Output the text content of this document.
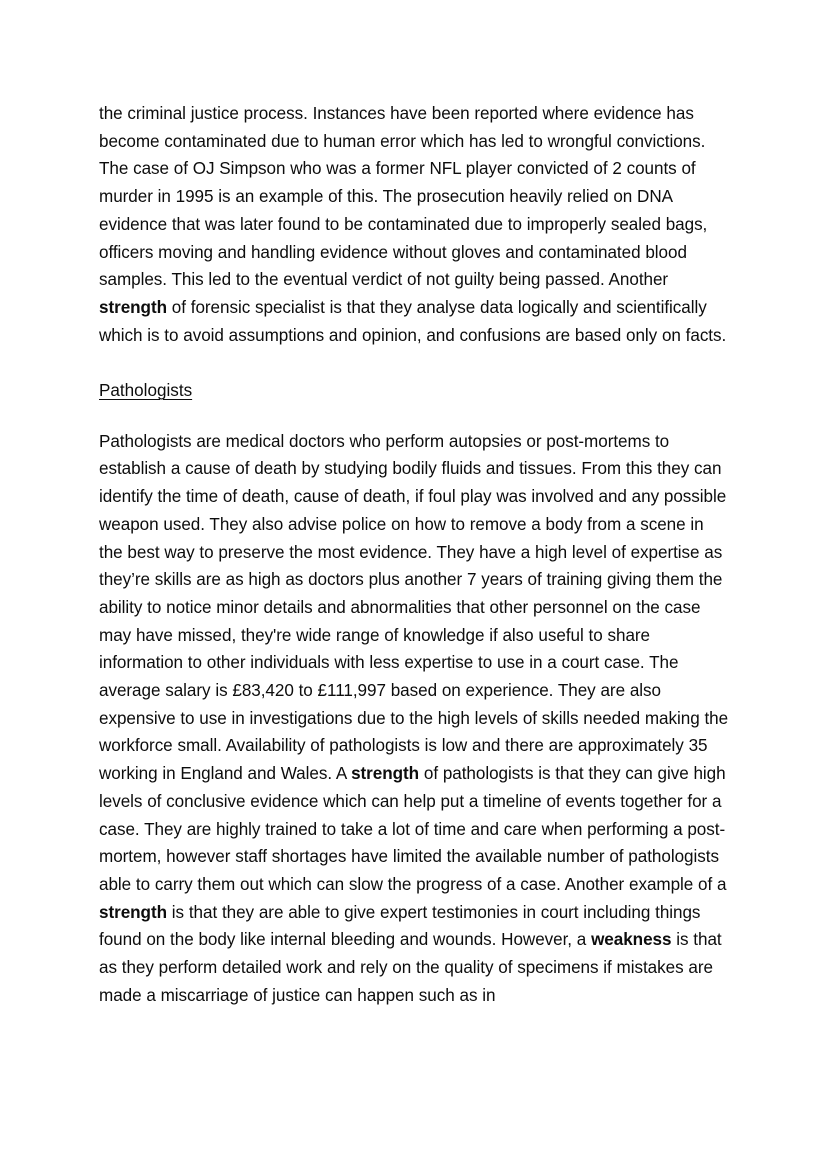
the criminal justice process. Instances have been reported where evidence has become contaminated due to human error which has led to wrongful convictions. The case of OJ Simpson who was a former NFL player convicted of 2 counts of murder in 1995 is an example of this. The prosecution heavily relied on DNA evidence that was later found to be contaminated due to improperly sealed bags, officers moving and handling evidence without gloves and contaminated blood samples. This led to the eventual verdict of not guilty being passed. Another strength of forensic specialist is that they analyse data logically and scientifically which is to avoid assumptions and opinion, and confusions are based only on facts.

Pathologists

Pathologists are medical doctors who perform autopsies or post-mortems to establish a cause of death by studying bodily fluids and tissues. From this they can identify the time of death, cause of death, if foul play was involved and any possible weapon used. They also advise police on how to remove a body from a scene in the best way to preserve the most evidence. They have a high level of expertise as they’re skills are as high as doctors plus another 7 years of training giving them the ability to notice minor details and abnormalities that other personnel on the case may have missed, they're wide range of knowledge if also useful to share information to other individuals with less expertise to use in a court case. The average salary is £83,420 to £111,997 based on experience. They are also expensive to use in investigations due to the high levels of skills needed making the workforce small. Availability of pathologists is low and there are approximately 35 working in England and Wales. A strength of pathologists is that they can give high levels of conclusive evidence which can help put a timeline of events together for a case. They are highly trained to take a lot of time and care when performing a post-mortem, however staff shortages have limited the available number of pathologists able to carry them out which can slow the progress of a case. Another example of a strength is that they are able to give expert testimonies in court including things found on the body like internal bleeding and wounds. However, a weakness is that as they perform detailed work and rely on the quality of specimens if mistakes are made a miscarriage of justice can happen such as in
